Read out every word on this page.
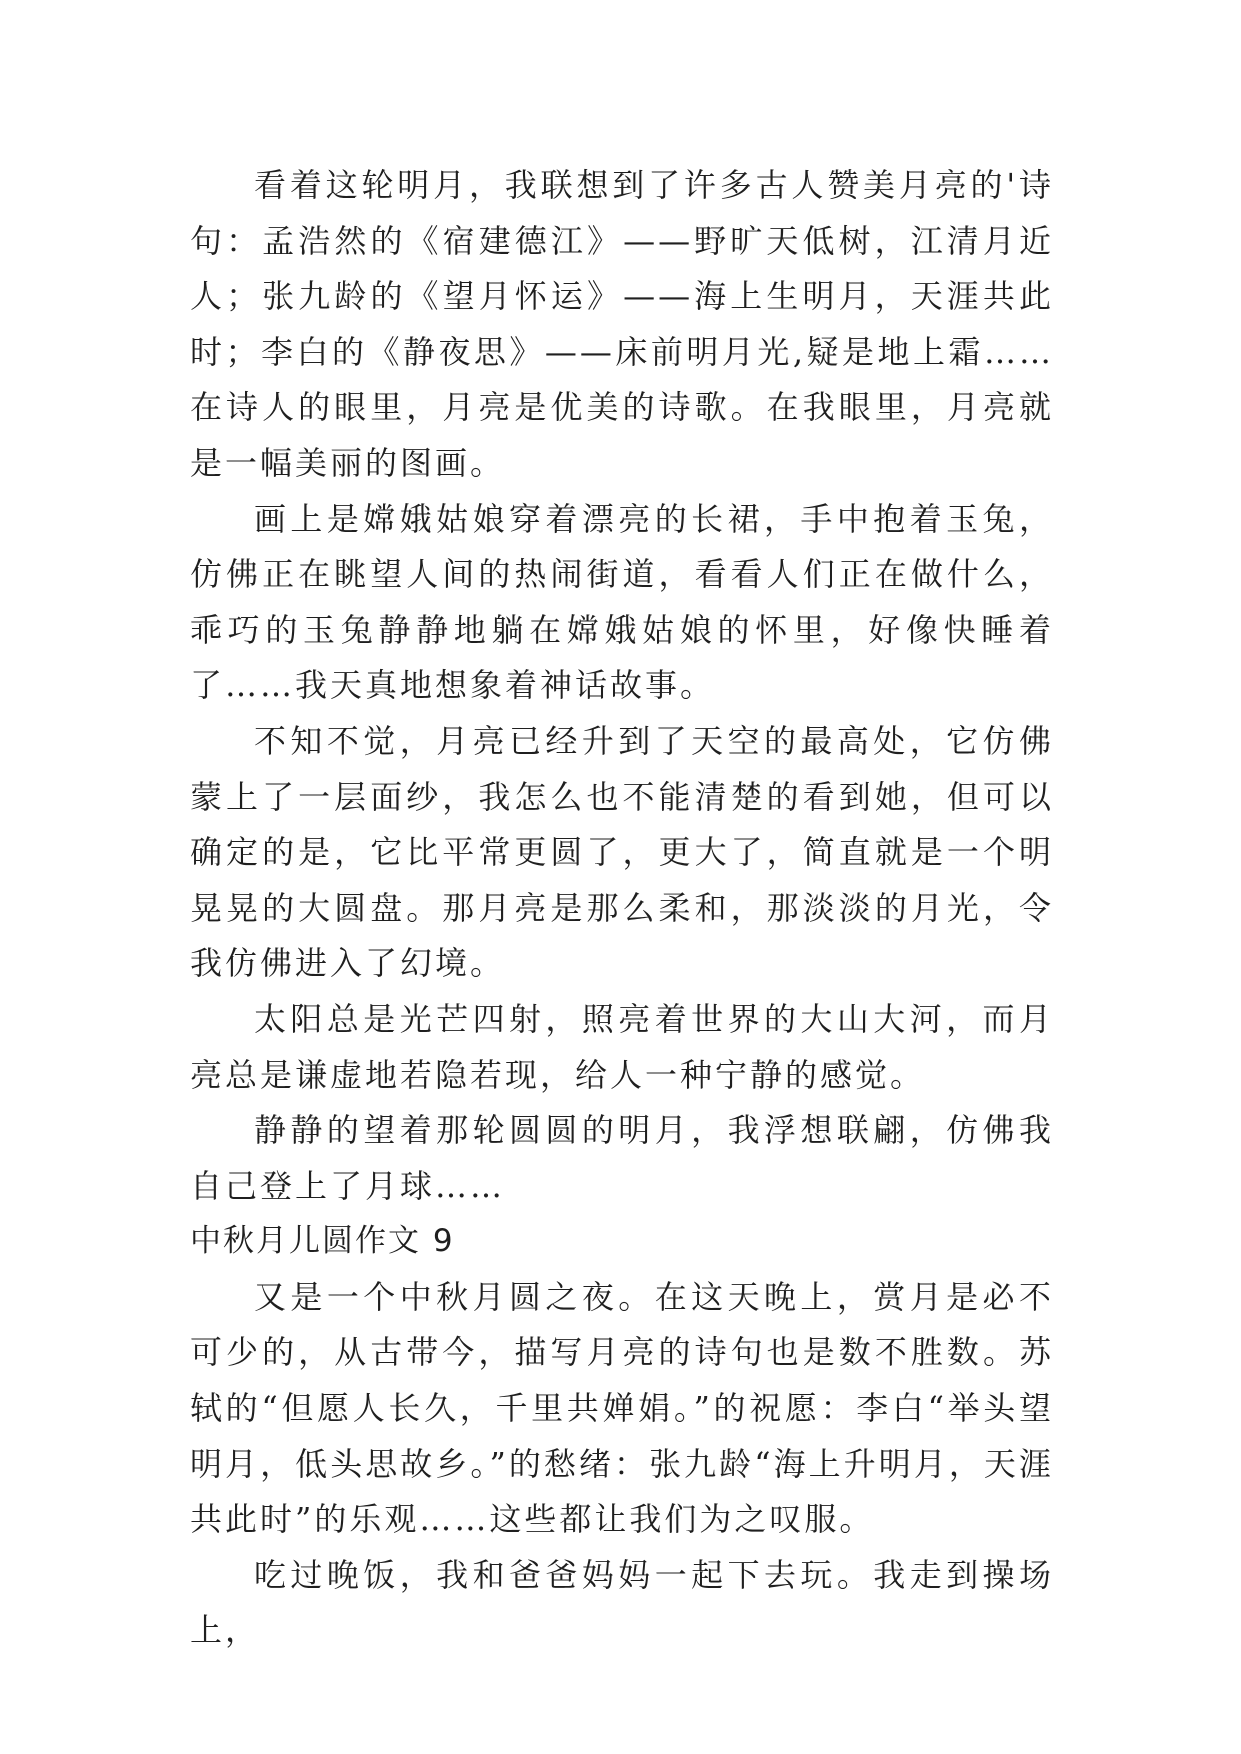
看着这轮明月，我联想到了许多古人赞美月亮的'诗句：孟浩然的《宿建德江》——野旷天低树，江清月近人；张九龄的《望月怀运》——海上生明月，天涯共此时；李白的《静夜思》——床前明月光,疑是地上霜……在诗人的眼里，月亮是优美的诗歌。在我眼里，月亮就是一幅美丽的图画。

画上是嫦娥姑娘穿着漂亮的长裙，手中抱着玉兔，仿佛正在眺望人间的热闹街道，看看人们正在做什么，乖巧的玉兔静静地躺在嫦娥姑娘的怀里，好像快睡着了……我天真地想象着神话故事。

不知不觉，月亮已经升到了天空的最高处，它仿佛蒙上了一层面纱，我怎么也不能清楚的看到她，但可以确定的是，它比平常更圆了，更大了，简直就是一个明晃晃的大圆盘。那月亮是那么柔和，那淡淡的月光，令我仿佛进入了幻境。

太阳总是光芒四射，照亮着世界的大山大河，而月亮总是谦虚地若隐若现，给人一种宁静的感觉。

静静的望着那轮圆圆的明月，我浮想联翩，仿佛我自己登上了月球……

中秋月儿圆作文 9

又是一个中秋月圆之夜。在这天晚上，赏月是必不可少的，从古带今，描写月亮的诗句也是数不胜数。苏轼的“但愿人长久，千里共婵娟。”的祝愿：李白“举头望明月，低头思故乡。”的愁绪：张九龄“海上升明月，天涯共此时”的乐观……这些都让我们为之叹服。

吃过晚饭，我和爸爸妈妈一起下去玩。我走到操场上，
